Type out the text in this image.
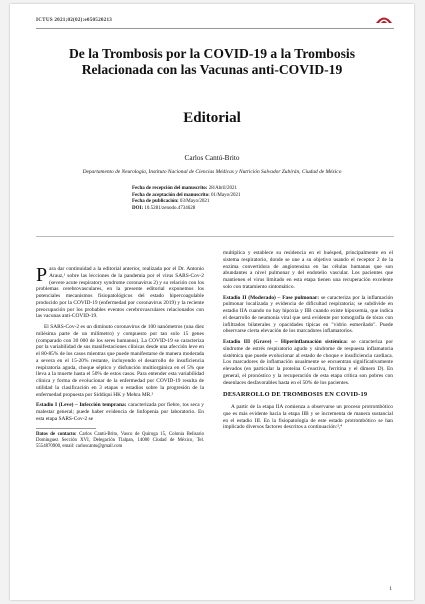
ICTUS 2021;02(02):e050520213
De la Trombosis por la COVID-19 a la Trombosis Relacionada con las Vacunas anti-COVID-19
Editorial
Carlos Cantú-Brito
Departamento de Neurología, Instituto Nacional de Ciencias Médicas y Nutrición Salvador Zubirán, Ciudad de México
Fecha de recepción del manuscrito: 28/Abril/2021
Fecha de aceptación del manuscrito: 01/Mayo/2021
Fecha de publicación: 03/Mayo/2021
DOI: 10.5281/zenodo.4734628

Para dar continuidad a la editorial anterior, realizada por el Dr. Antonio Arauz,¹ sobre las lecciones de la pandemia por el virus SARS-Cov-2 (severe acute respiratory syndrome coronavirus 2) y su relación con los problemas cerebrovasculares, en la presente editorial exponemos los potenciales mecanismos fisiopatológicos del estado hipercoagulable producido por la COVID-19 (enfermedad por coronavirus 2019) y la reciente preocupación por los probables eventos cerebrovasculares relacionados con las vacunas anti-COVID-19.

El SARS-Cov-2 es un diminuto coronavirus de 100 nanómetros (una diez milésima parte de un milímetro) y compuesto por tan solo 15 genes (comparado con 30 000 de los seres humanos). La COVID-19 se caracteriza por la variabilidad de sus manifestaciones clínicas desde una afección leve en el 80-85% de los casos mientras que puede manifestarse de manera moderada a severa en el 15-20% restante, incluyendo el desarrollo de insuficiencia respiratoria aguda, choque séptico y disfunción multiorgánica en el 5% que lleva a la muerte hasta el 50% de estos casos. Para entender esta variabilidad clínica y forma de evolucionar de la enfermedad por COVID-19 resulta de utilidad la clasificación en 3 etapas o estadios sobre la progresión de la enfermedad propuesta por Siddiqui HK y Mehra MR.²

Estadio I (Leve) – Infección temprana: caracterizada por fiebre, tos seca y malestar general; puede haber evidencia de linfopenia por laboratorio. En esta etapa SARS-Cov-2 se

Datos de contacto: Carlos Cantú-Brito, Vasco de Quiroga 15, Colonia Belisario Domínguez Sección XVI, Delegación Tlalpan, 14080 Ciudad de México, Tel. 5554870900, email: carloscantu@gmail.com

multiplica y establece su residencia en el huésped, principalmente en el sistema respiratorio, donde se une a su objetivo usando el receptor 2 de la enzima convertidora de angiotensina en las células humanas que son abundantes a nivel pulmonar y del endotelio vascular. Los pacientes que mantienen el virus limitado en esta etapa tienen una recuperación excelente solo con tratamiento sintomático.

Estadio II (Moderado) – Fase pulmonar: se caracteriza por la inflamación pulmonar localizada y evidencia de dificultad respiratoria; se subdivide en estadio IIA cuando no hay hipoxia y IIB cuando existe hipoxemia, que indica el desarrollo de neumonía viral que será evidente por tomografía de tórax con infiltrados bilaterales y opacidades típicas en "vidrio esmerilado". Puede observarse cierta elevación de los marcadores inflamatorios.

Estadio III (Grave) – Hiperinflamación sistémica: se caracteriza por síndrome de estrés respiratorio agudo y síndrome de respuesta inflamatoria sistémica que puede evolucionar al estado de choque e insuficiencia cardiaca. Los marcadores de inflamación usualmente se encuentran significativamente elevados (en particular la proteína C-reactiva, ferritina y el dímero D). En general, el pronóstico y la recuperación de esta etapa crítica son pobres con desenlaces desfavorables hasta en el 50% de los pacientes.

DESARROLLO DE TROMBOSIS EN COVID-19

A partir de la etapa IIA comienza a observarse un proceso protrombótico que es más evidente hacia la etapa IIB y se incrementa de manera sustancial en el estadio III. En la fisiopatología de este estado protrombótico se han implicado diversos factores descritos a continuación:³,⁴

1
